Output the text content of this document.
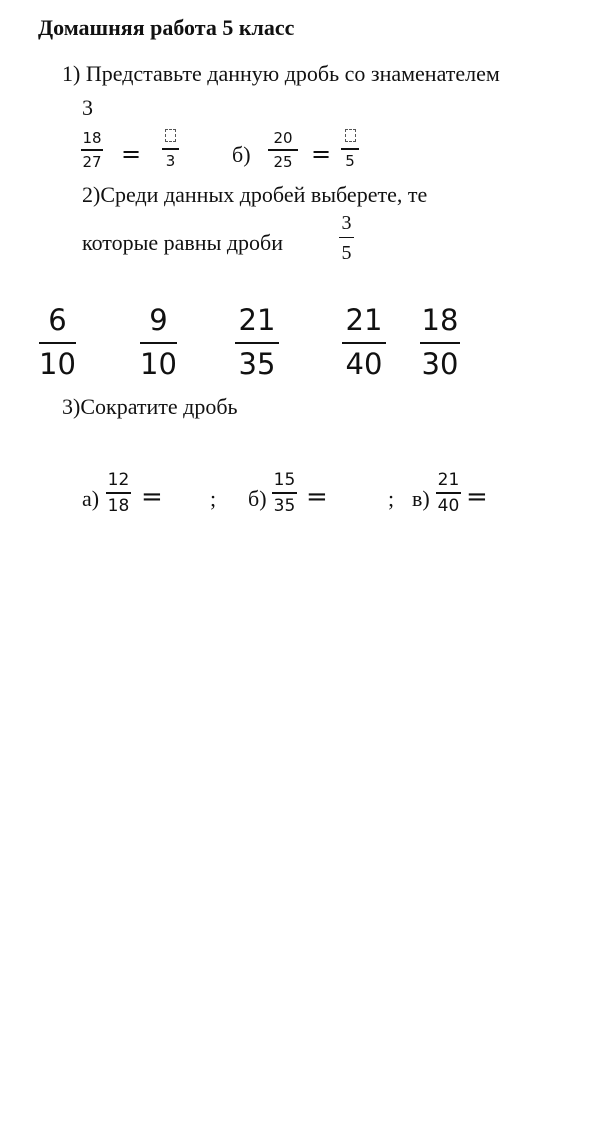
Домашняя работа 5 класс
1) Представьте данную дробь со знаменателем
3
18
27 = 3	б)
20
25 = 5
2)Среди данных дробей выберете, те
которые равны дроби
3
5
6
10
9
10
21
35
21
40
18
30
3)Сократите дробь
а)
12
18 = ; б)
15
35 =	; в)
21
40 =
